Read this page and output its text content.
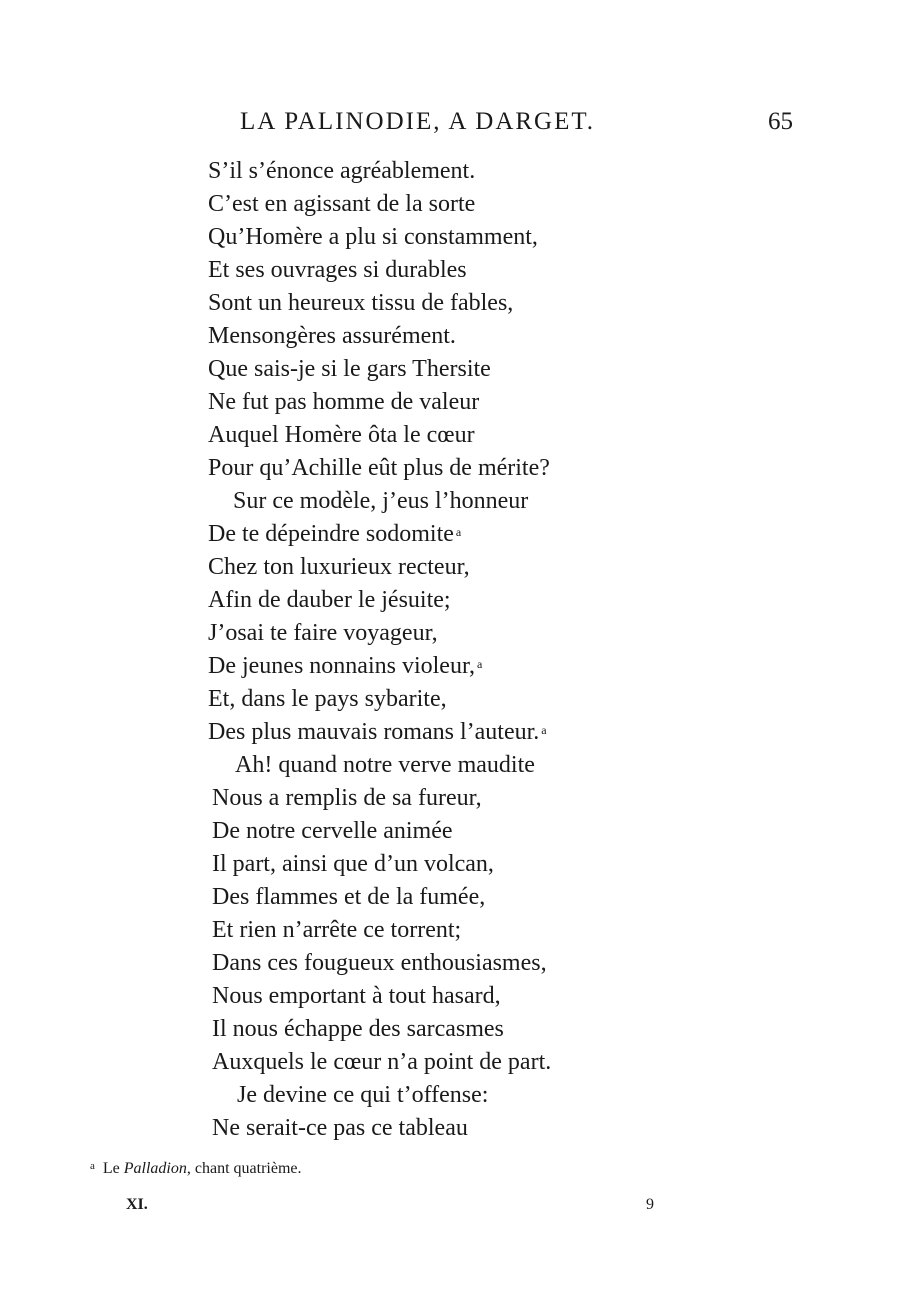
LA PALINODIE, A DARGET.	65
S’il s’énonce agréablement.
C’est en agissant de la sorte
Qu’Homère a plu si constamment,
Et ses ouvrages si durables
Sont un heureux tissu de fables,
Mensongères assurément.
Que sais-je si le gars Thersite
Ne fut pas homme de valeur
Auquel Homère ôta le cœur
Pour qu’Achille eût plus de mérite?
Sur ce modèle, j’eus l’honneur
De te dépeindre sodomite $^a$
Chez ton luxurieux recteur,
Afin de dauber le jésuite;
J’osai te faire voyageur,
De jeunes nonnains violeur, $^a$
Et, dans le pays sybarite,
Des plus mauvais romans l’auteur. $^a$
Ah! quand notre verve maudite
Nous a remplis de sa fureur,
De notre cervelle animée
Il part, ainsi que d’un volcan,
Des flammes et de la fumée,
Et rien n’arrête ce torrent;
Dans ces fougueux enthousiasmes,
Nous emportant à tout hasard,
Il nous échappe des sarcasmes
Auxquels le cœur n’a point de part.
Je devine ce qui t’offense:
Ne serait-ce pas ce tableau
$^a$ Le Palladion, chant quatrième.
XI.	9
